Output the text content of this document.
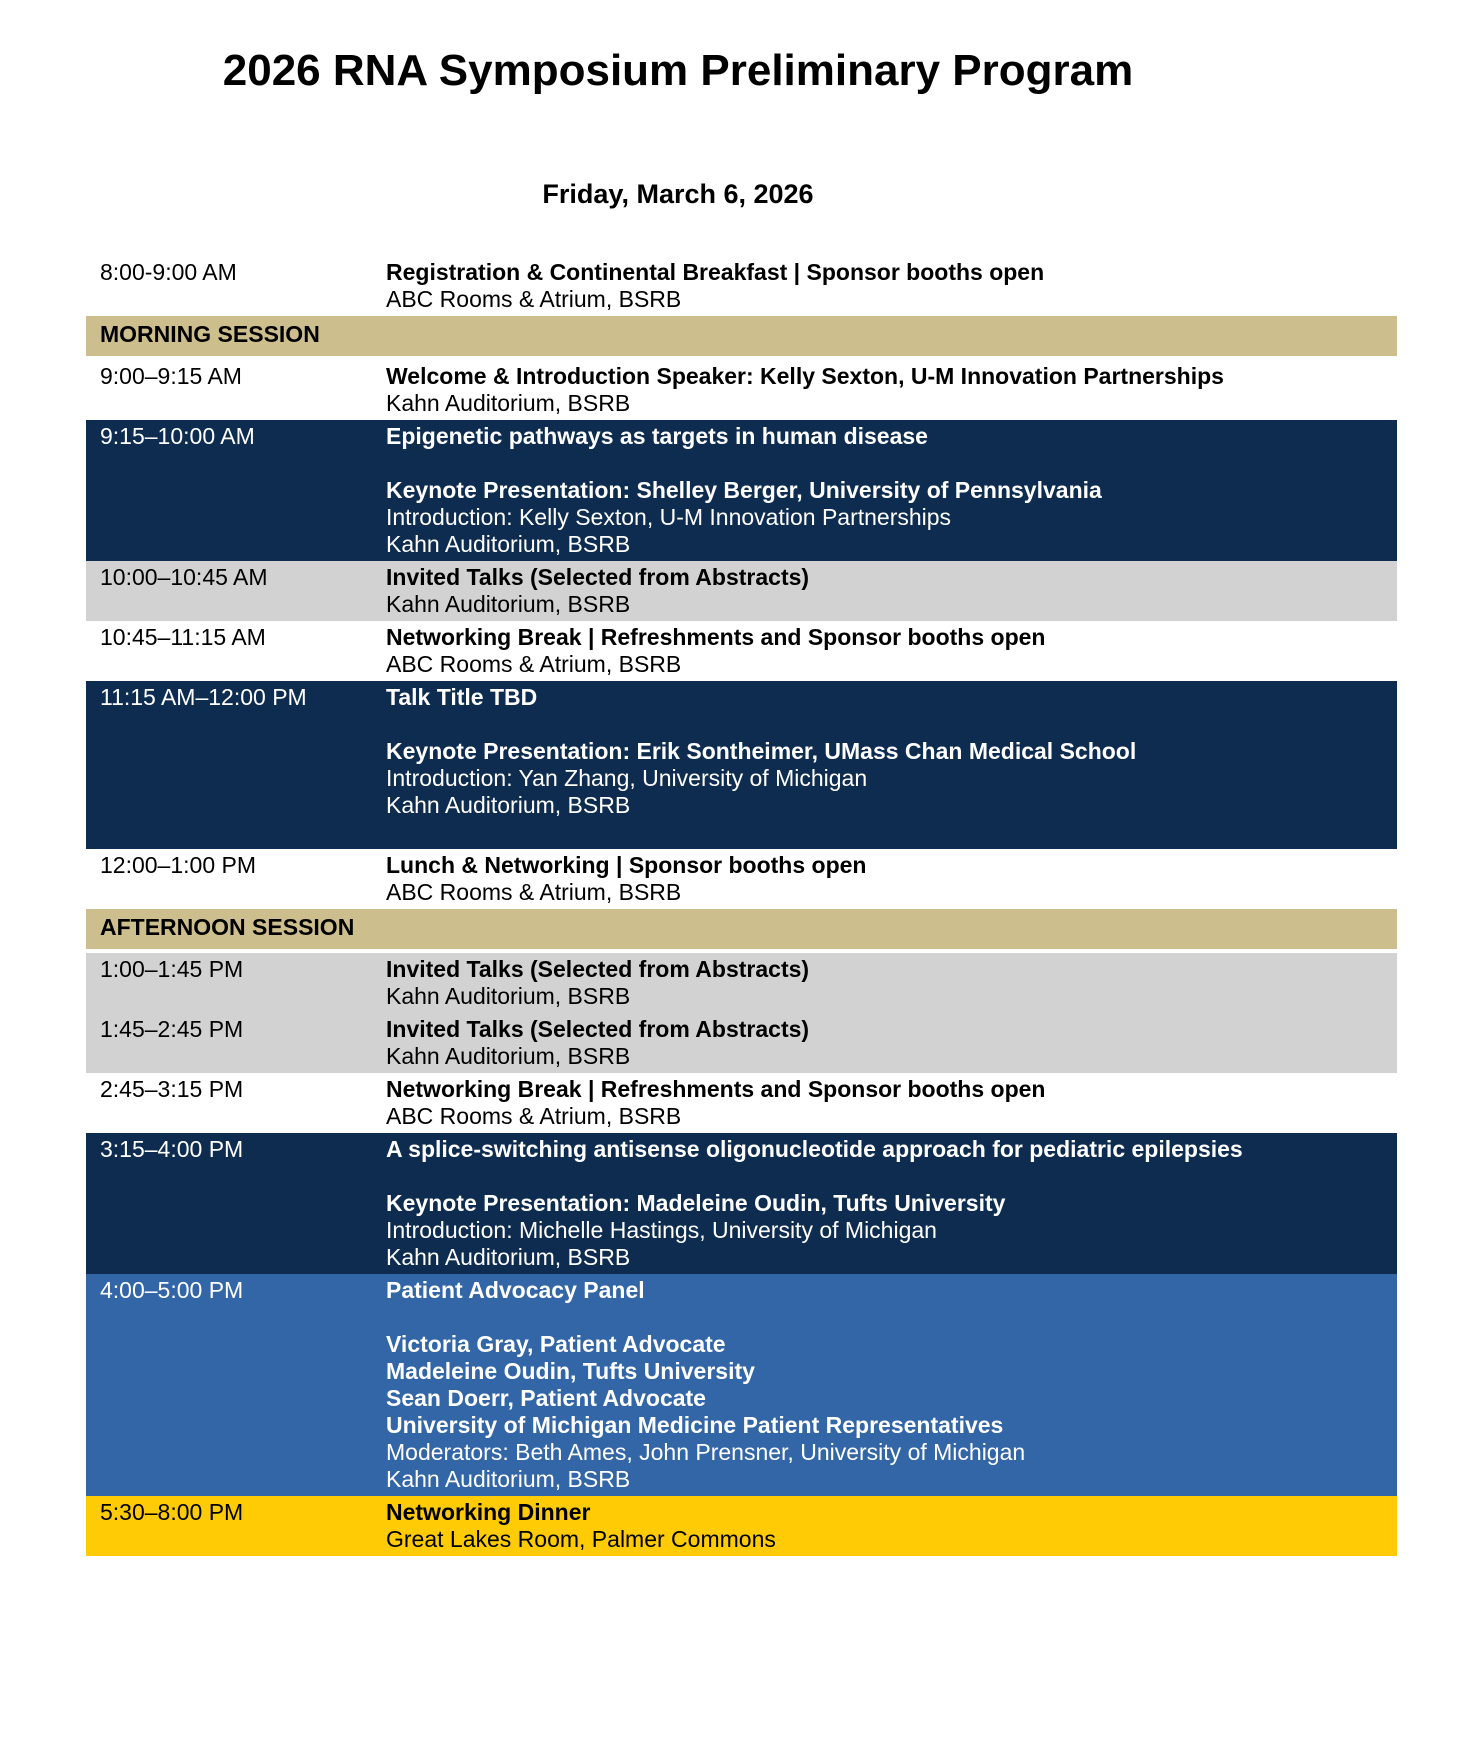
2026 RNA Symposium Preliminary Program
Friday, March 6, 2026
8:00-9:00 AM	Registration & Continental Breakfast | Sponsor booths open
ABC Rooms & Atrium, BSRB
MORNING SESSION
9:00–9:15 AM	Welcome & Introduction Speaker: Kelly Sexton, U-M Innovation Partnerships
Kahn Auditorium, BSRB
9:15–10:00 AM	Epigenetic pathways as targets in human disease

Keynote Presentation: Shelley Berger, University of Pennsylvania
Introduction: Kelly Sexton, U-M Innovation Partnerships
Kahn Auditorium, BSRB
10:00–10:45 AM	Invited Talks (Selected from Abstracts)
Kahn Auditorium, BSRB
10:45–11:15 AM	Networking Break | Refreshments and Sponsor booths open
ABC Rooms & Atrium, BSRB
11:15 AM–12:00 PM	Talk Title TBD

Keynote Presentation: Erik Sontheimer, UMass Chan Medical School
Introduction: Yan Zhang, University of Michigan
Kahn Auditorium, BSRB

12:00–1:00 PM	Lunch & Networking | Sponsor booths open
ABC Rooms & Atrium, BSRB
AFTERNOON SESSION
1:00–1:45 PM	Invited Talks (Selected from Abstracts)
Kahn Auditorium, BSRB
1:45–2:45 PM	Invited Talks (Selected from Abstracts)
Kahn Auditorium, BSRB
2:45–3:15 PM	Networking Break | Refreshments and Sponsor booths open
ABC Rooms & Atrium, BSRB
3:15–4:00 PM	A splice-switching antisense oligonucleotide approach for pediatric epilepsies

Keynote Presentation: Madeleine Oudin, Tufts University
Introduction: Michelle Hastings, University of Michigan
Kahn Auditorium, BSRB
4:00–5:00 PM	Patient Advocacy Panel

Victoria Gray, Patient Advocate
Madeleine Oudin, Tufts University
Sean Doerr, Patient Advocate
University of Michigan Medicine Patient Representatives
Moderators: Beth Ames, John Prensner, University of Michigan
Kahn Auditorium, BSRB
5:30–8:00 PM	Networking Dinner
Great Lakes Room, Palmer Commons
